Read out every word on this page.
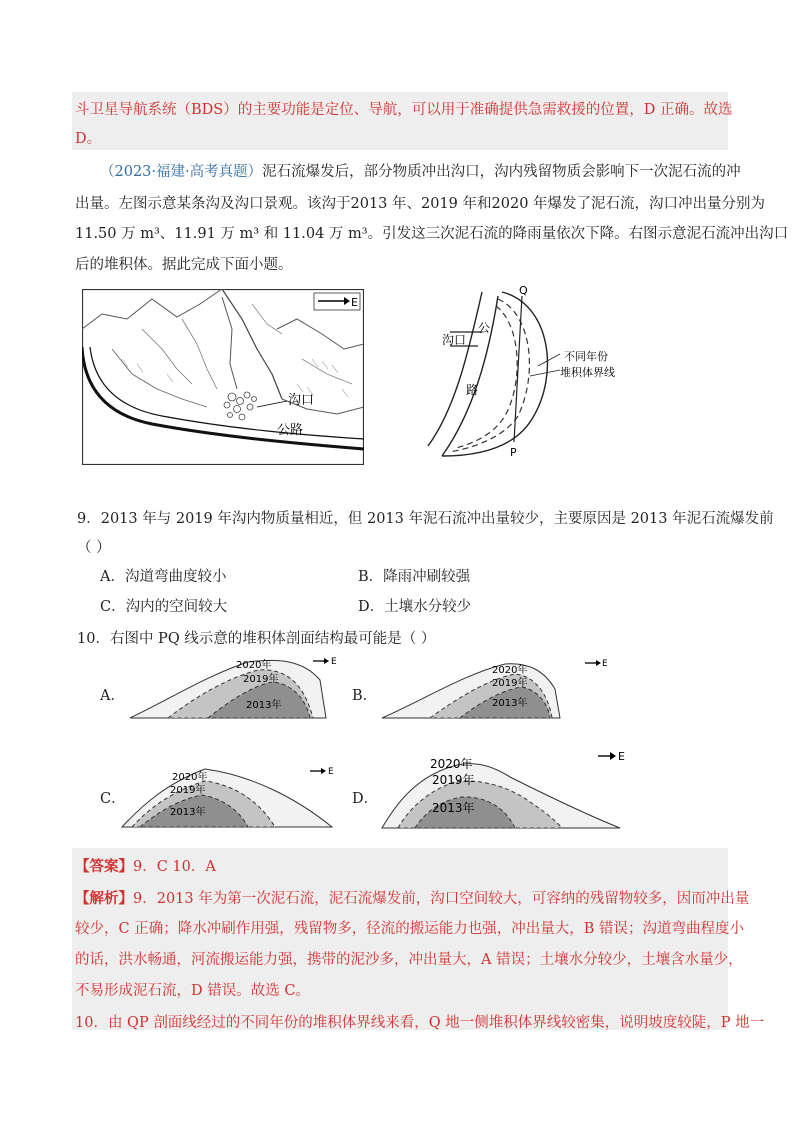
斗卫星导航系统（BDS）的主要功能是定位、导航，可以用于准确提供急需救援的位置，D 正确。故选
D。
（2023·福建·高考真题）泥石流爆发后，部分物质冲出沟口，沟内残留物质会影响下一次泥石流的冲
出量。左图示意某条沟及沟口景观。该沟于2013 年、2019 年和2020 年爆发了泥石流，沟口冲出量分别为
11.50 万 m³、11.91 万 m³ 和 11.04 万 m³。引发这三次泥石流的降雨量依次下降。右图示意泥石流冲出沟口
后的堆积体。据此完成下面小题。
E
沟口
公路
Q
P
沟口
公
路
不同年份
堆积体界线
9．2013 年与 2019 年沟内物质量相近，但 2013 年泥石流冲出量较少，主要原因是 2013 年泥石流爆发前
（ ）
A．沟道弯曲度较小	B．降雨冲刷较强
C．沟内的空间较大	D．土壤水分较少
10．右图中 PQ 线示意的堆积体剖面结构最可能是（ ）
A．
2020年
2019年
2013年
E
B．
2020年
2019年
2013年
E
C．
2020年
2019年
2013年
E
D．
2020年
2019年
2013年
E
【答案】9．C 10．A
【解析】9．2013 年为第一次泥石流，泥石流爆发前，沟口空间较大，可容纳的残留物较多，因而冲出量
较少，C 正确；降水冲刷作用强，残留物多，径流的搬运能力也强，冲出量大，B 错误；沟道弯曲程度小
的话，洪水畅通，河流搬运能力强，携带的泥沙多，冲出量大，A 错误；土壤水分较少，土壤含水量少，
不易形成泥石流，D 错误。故选 C。
10．由 QP 剖面线经过的不同年份的堆积体界线来看，Q 地一侧堆积体界线较密集，说明坡度较陡，P 地一
